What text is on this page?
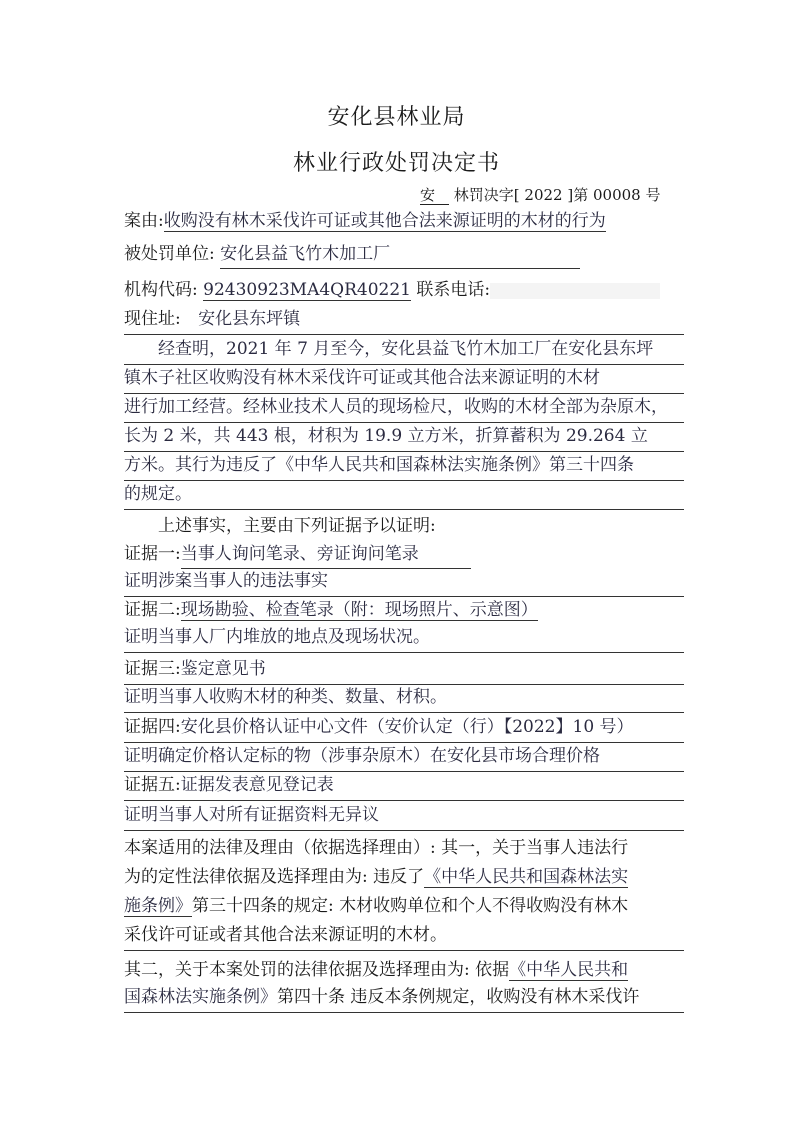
安化县林业局
林业行政处罚决定书
安 林罚决字[ 2022 ]第 00008 号
案由:收购没有林木采伐许可证或其他合法来源证明的木材的行为
被处罚单位: 安化县益飞竹木加工厂
机构代码: 92430923MA4QR40221 联系电话:
现住址: 安化县东坪镇
经查明，2021 年 7 月至今，安化县益飞竹木加工厂在安化县东坪
镇木子社区收购没有林木采伐许可证或其他合法来源证明的木材
进行加工经营。经林业技术人员的现场检尺，收购的木材全部为杂原木，
长为 2 米，共 443 根，材积为 19.9 立方米，折算蓄积为 29.264 立
方米。其行为违反了《中华人民共和国森林法实施条例》第三十四条
的规定。
上述事实，主要由下列证据予以证明:
证据一:当事人询问笔录、旁证询问笔录
证明涉案当事人的违法事实
证据二:现场勘验、检查笔录（附：现场照片、示意图）
证明当事人厂内堆放的地点及现场状况。
证据三:鉴定意见书
证明当事人收购木材的种类、数量、材积。
证据四:安化县价格认证中心文件（安价认定（行）【2022】10 号）
证明确定价格认定标的物（涉事杂原木）在安化县市场合理价格
证据五:证据发表意见登记表
证明当事人对所有证据资料无异议
本案适用的法律及理由（依据选择理由）: 其一，关于当事人违法行
为的定性法律依据及选择理由为: 违反了《中华人民共和国森林法实
施条例》第三十四条的规定: 木材收购单位和个人不得收购没有林木
采伐许可证或者其他合法来源证明的木材。
其二，关于本案处罚的法律依据及选择理由为: 依据《中华人民共和
国森林法实施条例》第四十条 违反本条例规定，收购没有林木采伐许
